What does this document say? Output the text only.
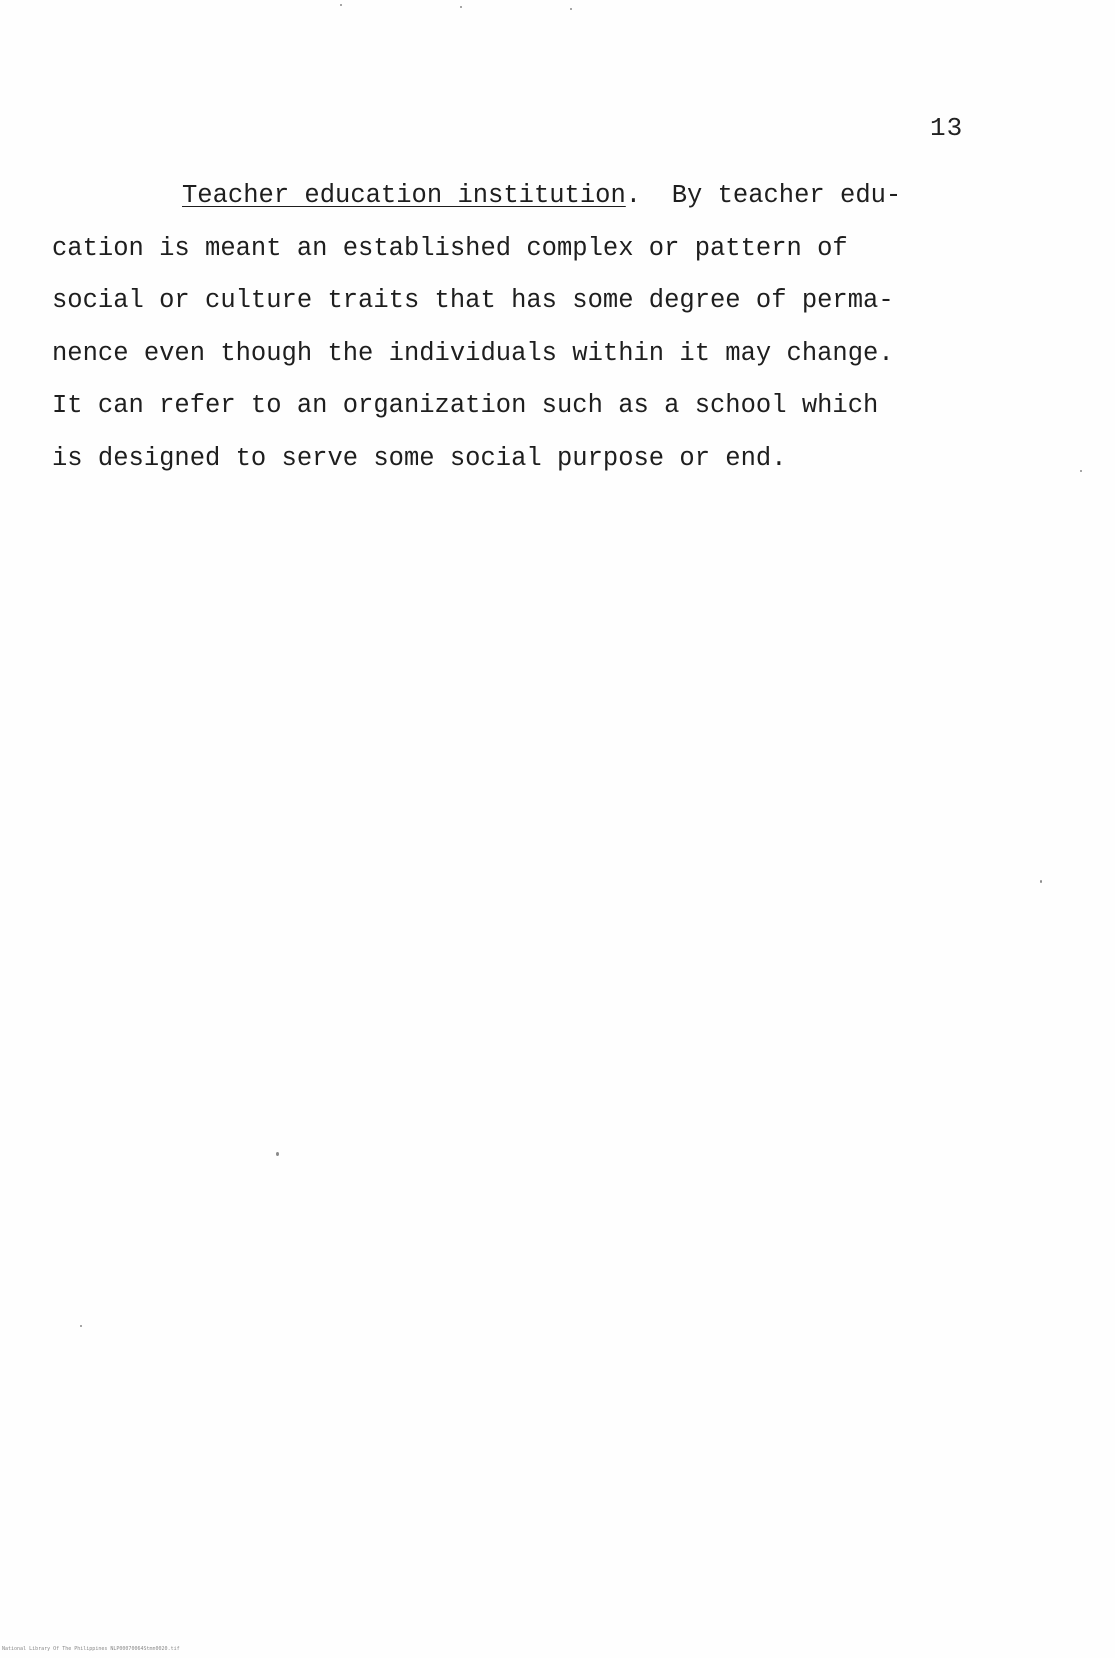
13

Teacher education institution.  By teacher edu-
cation is meant an established complex or pattern of
social or culture traits that has some degree of perma-
nence even though the individuals within it may change.
It can refer to an organization such as a school which
is designed to serve some social purpose or end.

National Library Of The Philippines NLP00070064Stmn0020.tif
